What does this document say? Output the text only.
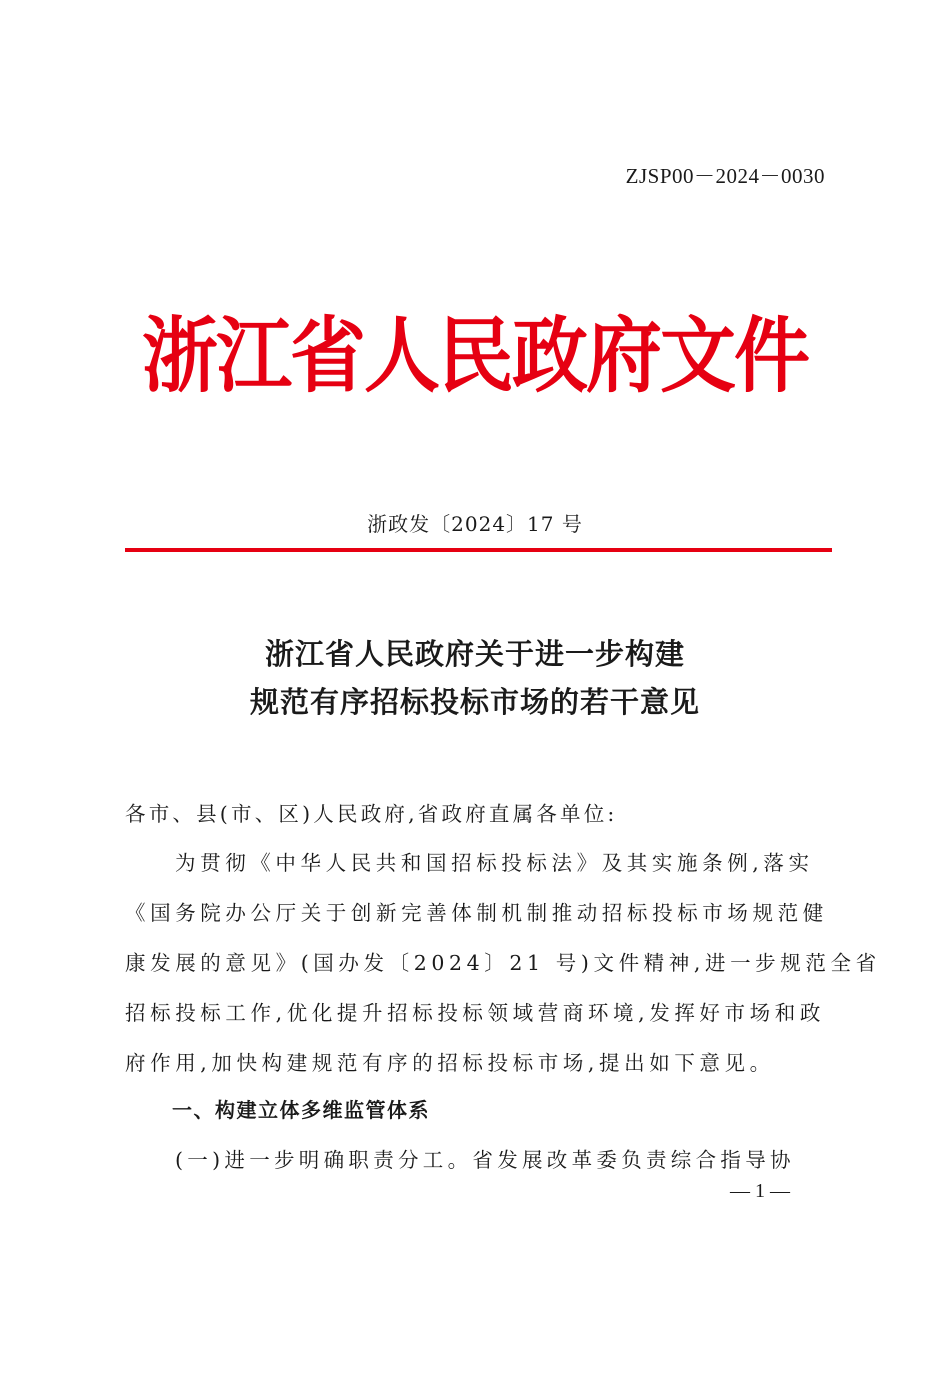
ZJSP00－2024－0030
浙江省人民政府文件
浙政发〔2024〕17 号
浙江省人民政府关于进一步构建
规范有序招标投标市场的若干意见
各市、县(市、区)人民政府,省政府直属各单位:
为贯彻《中华人民共和国招标投标法》及其实施条例,落实
《国务院办公厅关于创新完善体制机制推动招标投标市场规范健
康发展的意见》(国办发〔2024〕21 号)文件精神,进一步规范全省
招标投标工作,优化提升招标投标领域营商环境,发挥好市场和政
府作用,加快构建规范有序的招标投标市场,提出如下意见。
一、构建立体多维监管体系
(一)进一步明确职责分工。省发展改革委负责综合指导协
— 1 —
